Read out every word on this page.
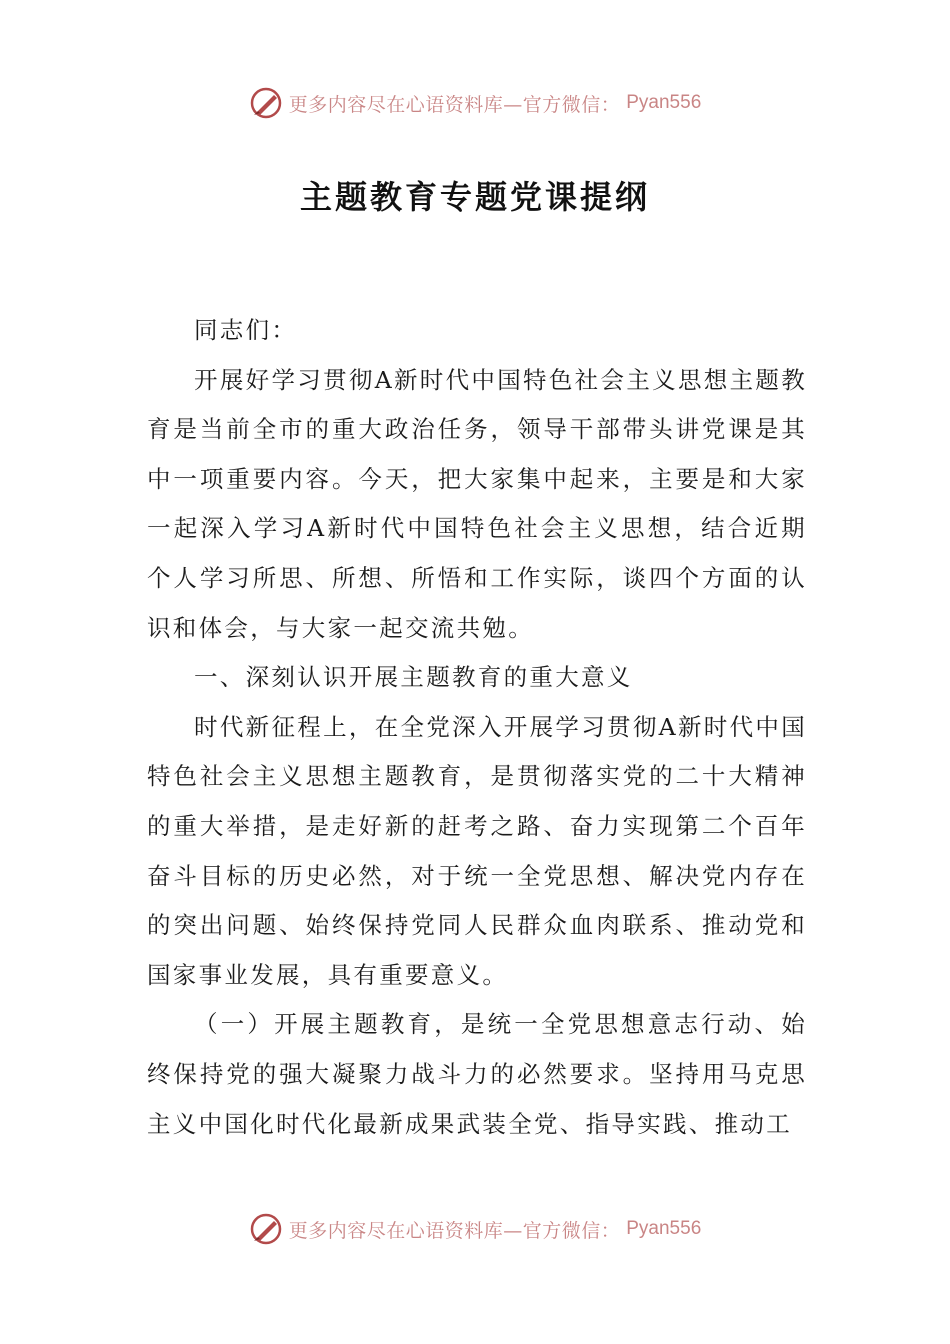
更多内容尽在心语资料库—官方微信： Pyan556
主题教育专题党课提纲

同志们：

开展好学习贯彻A新时代中国特色社会主义思想主题教育是当前全市的重大政治任务，领导干部带头讲党课是其中一项重要内容。今天，把大家集中起来，主要是和大家一起深入学习A新时代中国特色社会主义思想，结合近期个人学习所思、所想、所悟和工作实际，谈四个方面的认识和体会，与大家一起交流共勉。

一、深刻认识开展主题教育的重大意义

时代新征程上，在全党深入开展学习贯彻A新时代中国特色社会主义思想主题教育，是贯彻落实党的二十大精神的重大举措，是走好新的赶考之路、奋力实现第二个百年奋斗目标的历史必然，对于统一全党思想、解决党内存在的突出问题、始终保持党同人民群众血肉联系、推动党和国家事业发展，具有重要意义。

（一）开展主题教育，是统一全党思想意志行动、始终保持党的强大凝聚力战斗力的必然要求。坚持用马克思主义中国化时代化最新成果武装全党、指导实践、推动工

更多内容尽在心语资料库—官方微信： Pyan556
